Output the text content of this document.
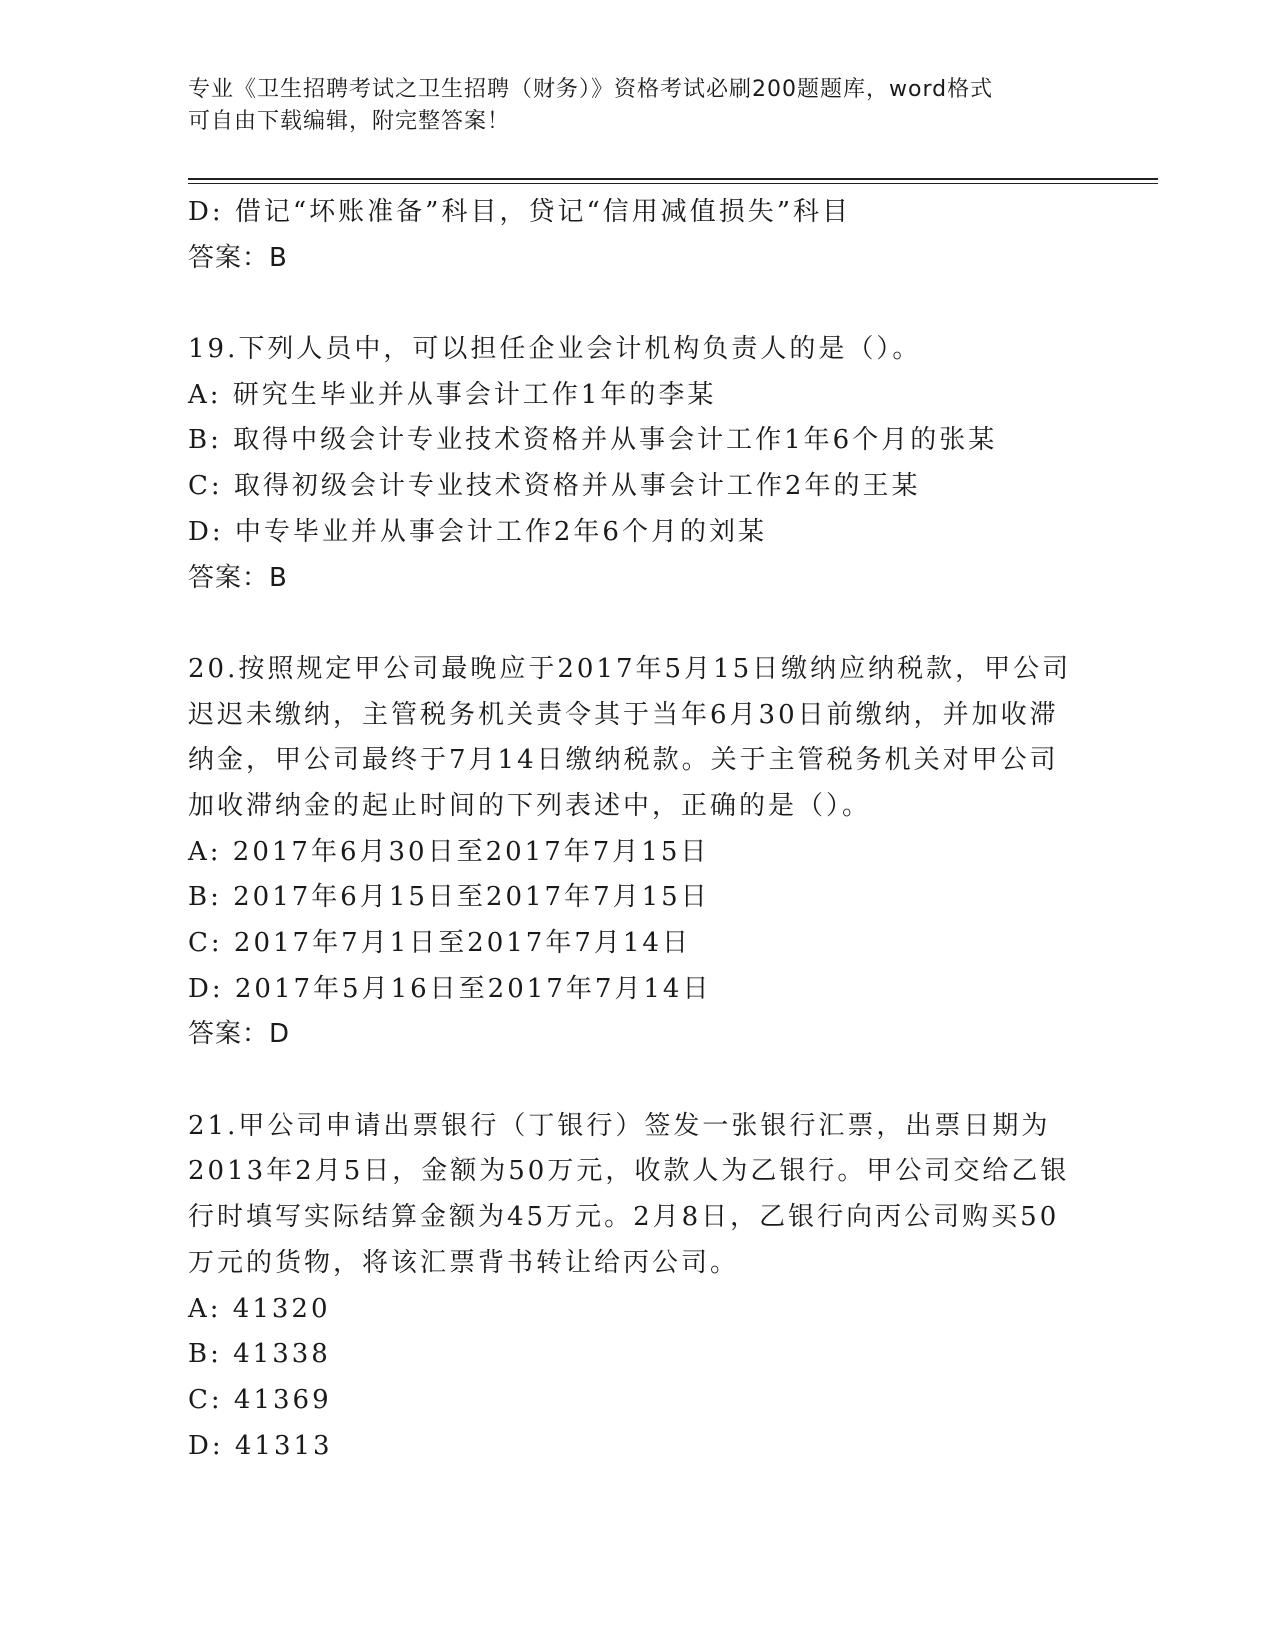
专业《卫生招聘考试之卫生招聘（财务）》资格考试必刷200题题库，word格式
可自由下载编辑，附完整答案！
D: 借记“坏账准备”科目，贷记“信用减值损失”科目
答案：B
19.下列人员中，可以担任企业会计机构负责人的是（）。
A: 研究生毕业并从事会计工作1年的李某
B: 取得中级会计专业技术资格并从事会计工作1年6个月的张某
C: 取得初级会计专业技术资格并从事会计工作2年的王某
D: 中专毕业并从事会计工作2年6个月的刘某
答案：B
20.按照规定甲公司最晚应于2017年5月15日缴纳应纳税款，甲公司
迟迟未缴纳，主管税务机关责令其于当年6月30日前缴纳，并加收滞
纳金，甲公司最终于7月14日缴纳税款。关于主管税务机关对甲公司
加收滞纳金的起止时间的下列表述中，正确的是（）。
A: 2017年6月30日至2017年7月15日
B: 2017年6月15日至2017年7月15日
C: 2017年7月1日至2017年7月14日
D: 2017年5月16日至2017年7月14日
答案：D
21.甲公司申请出票银行（丁银行）签发一张银行汇票，出票日期为
2013年2月5日，金额为50万元，收款人为乙银行。甲公司交给乙银
行时填写实际结算金额为45万元。2月8日，乙银行向丙公司购买50
万元的货物，将该汇票背书转让给丙公司。
A: 41320
B: 41338
C: 41369
D: 41313
